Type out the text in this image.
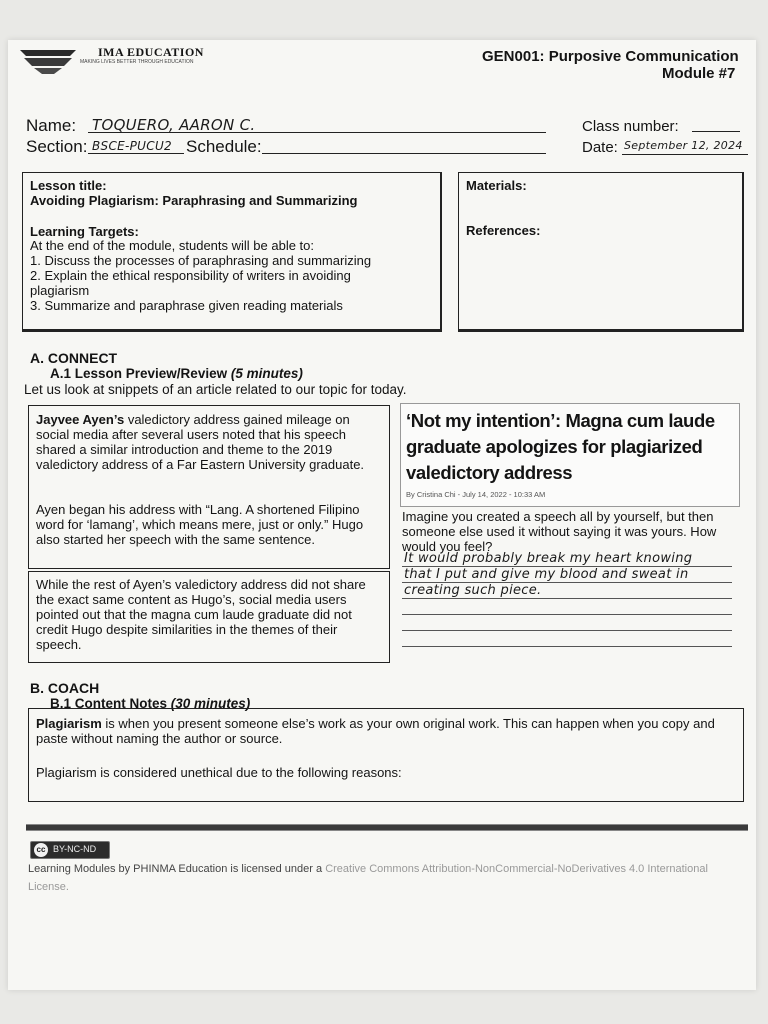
IMA EDUCATION
MAKING LIVES BETTER THROUGH EDUCATION	GEN001: Purposive Communication
Module #7
Name: TOQUERO, AARON C.
Section: BSCE-PUCU2 Schedule:
Class number:
Date: September 12, 2024
Lesson title:
Avoiding Plagiarism: Paraphrasing and Summarizing
Learning Targets:
At the end of the module, students will be able to:
1. Discuss the processes of paraphrasing and summarizing
2. Explain the ethical responsibility of writers in avoiding
plagiarism
3. Summarize and paraphrase given reading materials
Materials:
References:
A. CONNECT
A.1 Lesson Preview/Review (5 minutes)
Let us look at snippets of an article related to our topic for today.
Jayvee Ayen’s valedictory address gained mileage on social media after several users noted that his speech shared a similar introduction and theme to the 2019 valedictory address of a Far Eastern University graduate.
Ayen began his address with “Lang. A shortened Filipino word for ‘lamang’, which means mere, just or only.” Hugo also started her speech with the same sentence.
While the rest of Ayen’s valedictory address did not share the exact same content as Hugo’s, social media users pointed out that the magna cum laude graduate did not credit Hugo despite similarities in the themes of their speech.
‘Not my intention’: Magna cum laude graduate apologizes for plagiarized valedictory address
By Cristina Chi - July 14, 2022 - 10:33 AM
Imagine you created a speech all by yourself, but then someone else used it without saying it was yours. How would you feel?
It would probably break my heart knowing
that I put and give my blood and sweat in
creating such piece.
B. COACH
B.1 Content Notes (30 minutes)
Plagiarism is when you present someone else’s work as your own original work. This can happen when you copy and paste without naming the author or source.
Plagiarism is considered unethical due to the following reasons:
cc BY-NC-ND
Learning Modules by PHINMA Education is licensed under a Creative Commons Attribution-NonCommercial-NoDerivatives 4.0 International License.
